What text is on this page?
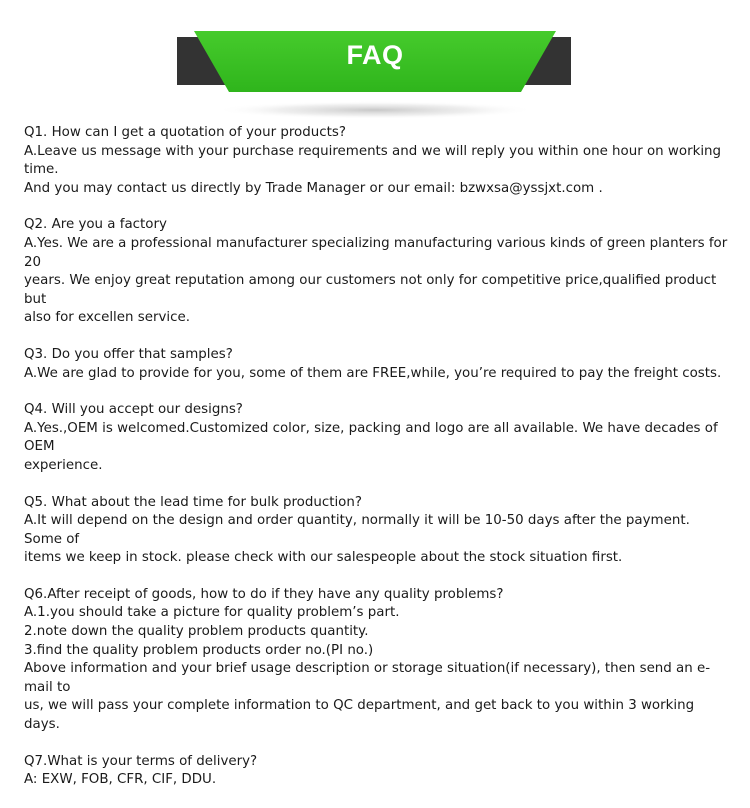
FAQ

Q1. How can I get a quotation of your products?

A.Leave us message with your purchase requirements and we will reply you within one hour on working time.

And you may contact us directly by Trade Manager or our email: bzwxsa@yssjxt.com .

Q2. Are you a factory

A.Yes. We are a professional manufacturer specializing manufacturing various kinds of green planters for 20

years. We enjoy great reputation among our customers not only for competitive price,qualified product but

also for excellen service.

Q3. Do you offer that samples?

A.We are glad to provide for you, some of them are FREE,while, you’re required to pay the freight costs.

Q4. Will you accept our designs?

A.Yes.,OEM is welcomed.Customized color, size, packing and logo are all available. We have decades of OEM

experience.

Q5. What about the lead time for bulk production?

A.It will depend on the design and order quantity, normally it will be 10-50 days after the payment. Some of

items we keep in stock. please check with our salespeople about the stock situation first.

Q6.After receipt of goods, how to do if they have any quality problems?

A.1.you should take a picture for quality problem’s part.

2.note down the quality problem products quantity.

3.find the quality problem products order no.(PI no.)

Above information and your brief usage description or storage situation(if necessary), then send an e-mail to

us, we will pass your complete information to QC department, and get back to you within 3 working days.

Q7.What is your terms of delivery?

A: EXW, FOB, CFR, CIF, DDU.
